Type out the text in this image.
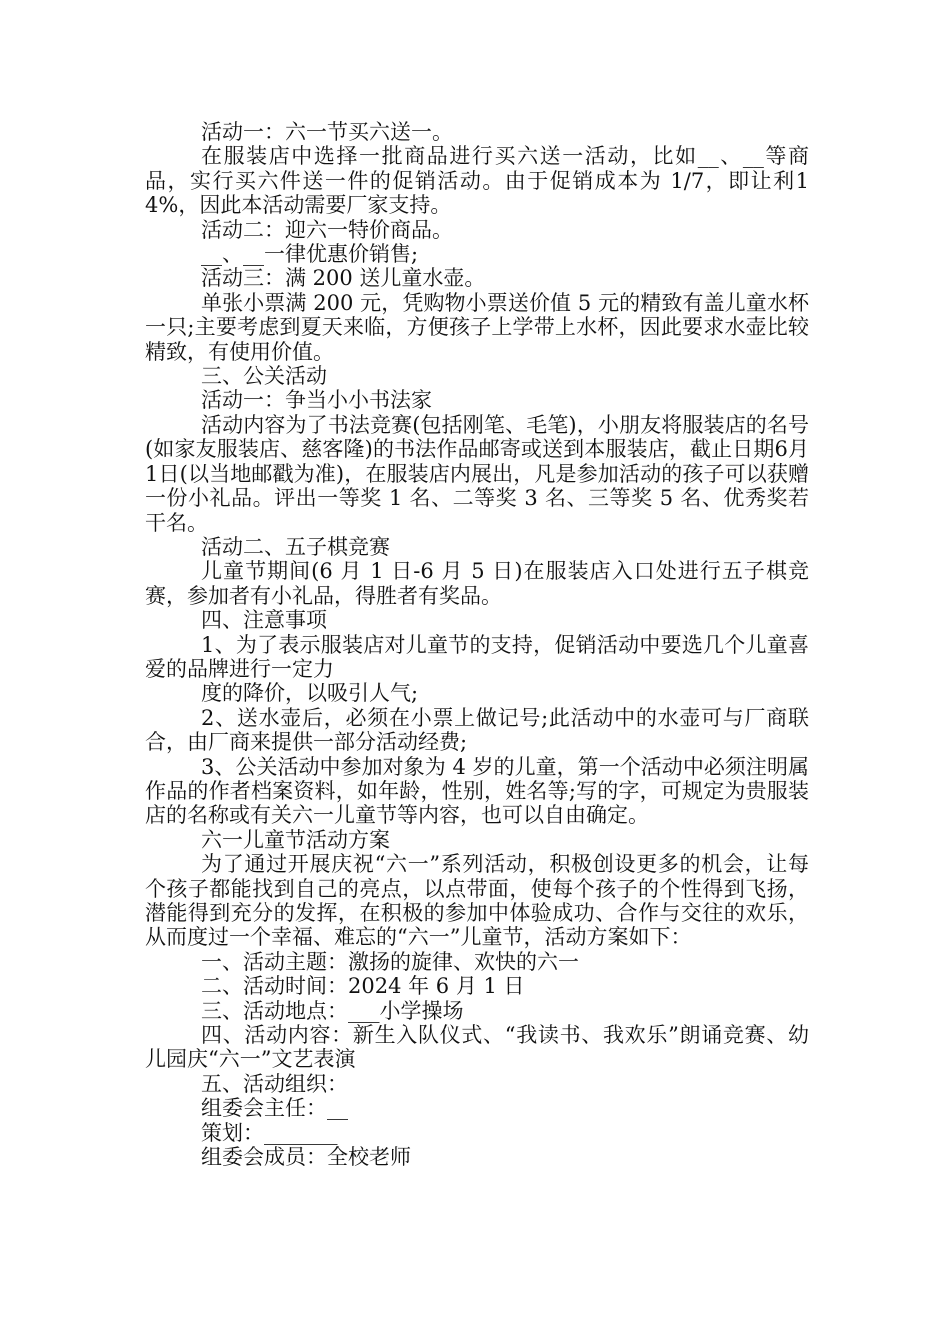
活动一：六一节买六送一。

在服装店中选择一批商品进行买六送一活动，比如__、__等商品，实行买六件送一件的促销活动。由于促销成本为 1/7，即让利14%，因此本活动需要厂家支持。

活动二：迎六一特价商品。

__、__一律优惠价销售;

活动三：满 200 送儿童水壶。

单张小票满 200 元，凭购物小票送价值 5 元的精致有盖儿童水杯一只;主要考虑到夏天来临，方便孩子上学带上水杯，因此要求水壶比较精致，有使用价值。

三、公关活动

活动一：争当小小书法家

活动内容为了书法竞赛(包括刚笔、毛笔)，小朋友将服装店的名号(如家友服装店、慈客隆)的书法作品邮寄或送到本服装店，截止日期6月1日(以当地邮戳为准)，在服装店内展出，凡是参加活动的孩子可以获赠一份小礼品。评出一等奖 1 名、二等奖 3 名、三等奖 5 名、优秀奖若干名。

活动二、五子棋竞赛

儿童节期间(6 月 1 日-6 月 5 日)在服装店入口处进行五子棋竞赛，参加者有小礼品，得胜者有奖品。

四、注意事项

1、为了表示服装店对儿童节的支持，促销活动中要选几个儿童喜爱的品牌进行一定力

度的降价，以吸引人气;

2、送水壶后，必须在小票上做记号;此活动中的水壶可与厂商联合，由厂商来提供一部分活动经费;

3、公关活动中参加对象为 4 岁的儿童，第一个活动中必须注明属作品的作者档案资料，如年龄，性别，姓名等;写的字，可规定为贵服装店的名称或有关六一儿童节等内容，也可以自由确定。

六一儿童节活动方案

为了通过开展庆祝“六一”系列活动，积极创设更多的机会，让每个孩子都能找到自己的亮点，以点带面，使每个孩子的个性得到飞扬，潜能得到充分的发挥，在积极的参加中体验成功、合作与交往的欢乐，从而度过一个幸福、难忘的“六一”儿童节，活动方案如下：

一、活动主题：激扬的旋律、欢快的六一

二、活动时间：2024 年 6 月 1 日

三、活动地点：___小学操场

四、活动内容：新生入队仪式、“我读书、我欢乐”朗诵竞赛、幼儿园庆“六一”文艺表演

五、活动组织：

组委会主任：__

策划：_______

组委会成员：全校老师
